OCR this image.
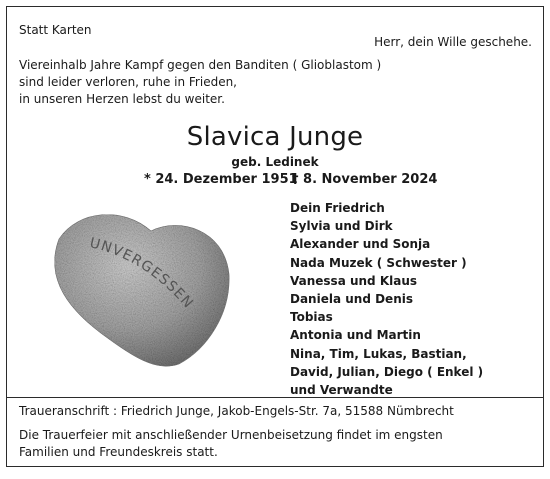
Statt Karten
Herr, dein Wille geschehe.
Viereinhalb Jahre Kampf gegen den Banditen ( Glioblastom )
sind leider verloren, ruhe in Frieden,
in unseren Herzen lebst du weiter.
Slavica Junge
geb. Ledinek
* 24. Dezember 1951
† 8. November 2024
UNVERGESSEN
Dein Friedrich
Sylvia und Dirk
Alexander und Sonja
Nada Muzek ( Schwester )
Vanessa und Klaus
Daniela und Denis
Tobias
Antonia und Martin
Nina, Tim, Lukas, Bastian,
David, Julian, Diego ( Enkel )
und Verwandte
Traueranschrift : Friedrich Junge, Jakob-Engels-Str. 7a, 51588 Nümbrecht
Die Trauerfeier mit anschließender Urnenbeisetzung findet im engsten Familien und Freundeskreis statt.
